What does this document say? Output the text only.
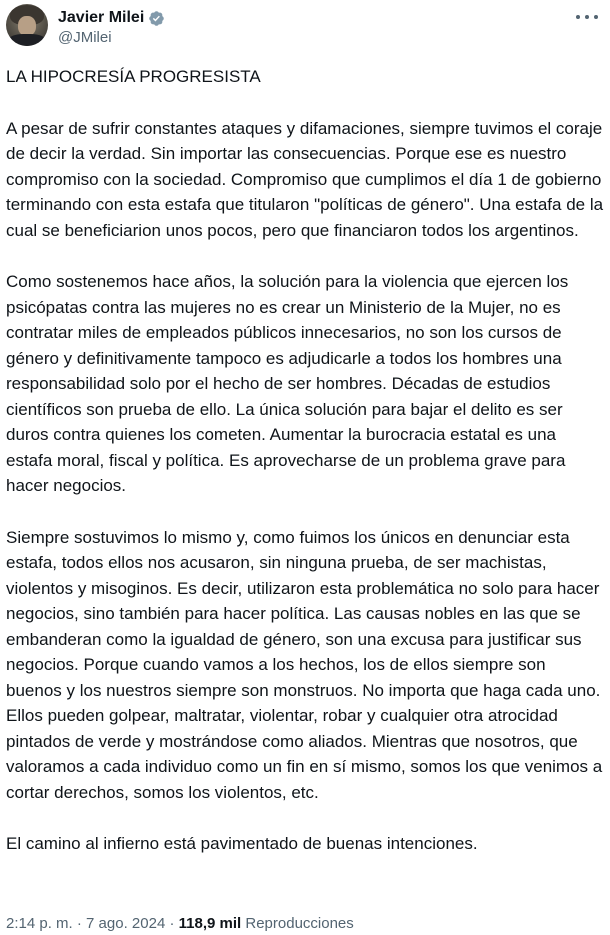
Javier Milei
@JMilei

LA HIPOCRESÍA PROGRESISTA

A pesar de sufrir constantes ataques y difamaciones, siempre tuvimos el coraje de decir la verdad. Sin importar las consecuencias. Porque ese es nuestro compromiso con la sociedad. Compromiso que cumplimos el día 1 de gobierno terminando con esta estafa que titularon "políticas de género". Una estafa de la cual se beneficiarion unos pocos, pero que financiaron todos los argentinos.

Como sostenemos hace años, la solución para la violencia que ejercen los psicópatas contra las mujeres no es crear un Ministerio de la Mujer, no es contratar miles de empleados públicos innecesarios, no son los cursos de género y definitivamente tampoco es adjudicarle a todos los hombres una responsabilidad solo por el hecho de ser hombres. Décadas de estudios científicos son prueba de ello. La única solución para bajar el delito es ser duros contra quienes los cometen. Aumentar la burocracia estatal es una estafa moral, fiscal y política. Es aprovecharse de un problema grave para hacer negocios.

Siempre sostuvimos lo mismo y, como fuimos los únicos en denunciar esta estafa, todos ellos nos acusaron, sin ninguna prueba, de ser machistas, violentos y misoginos. Es decir, utilizaron esta problemática no solo para hacer negocios, sino también para hacer política. Las causas nobles en las que se embanderan como la igualdad de género, son una excusa para justificar sus negocios. Porque cuando vamos a los hechos, los de ellos siempre son buenos y los nuestros siempre son monstruos. No importa que haga cada uno. Ellos pueden golpear, maltratar, violentar, robar y cualquier otra atrocidad pintados de verde y mostrándose como aliados. Mientras que nosotros, que valoramos a cada individuo como un fin en sí mismo, somos los que venimos a cortar derechos, somos los violentos, etc.

El camino al infierno está pavimentado de buenas intenciones.

2:14 p. m. · 7 ago. 2024 · 118,9 mil Reproducciones
